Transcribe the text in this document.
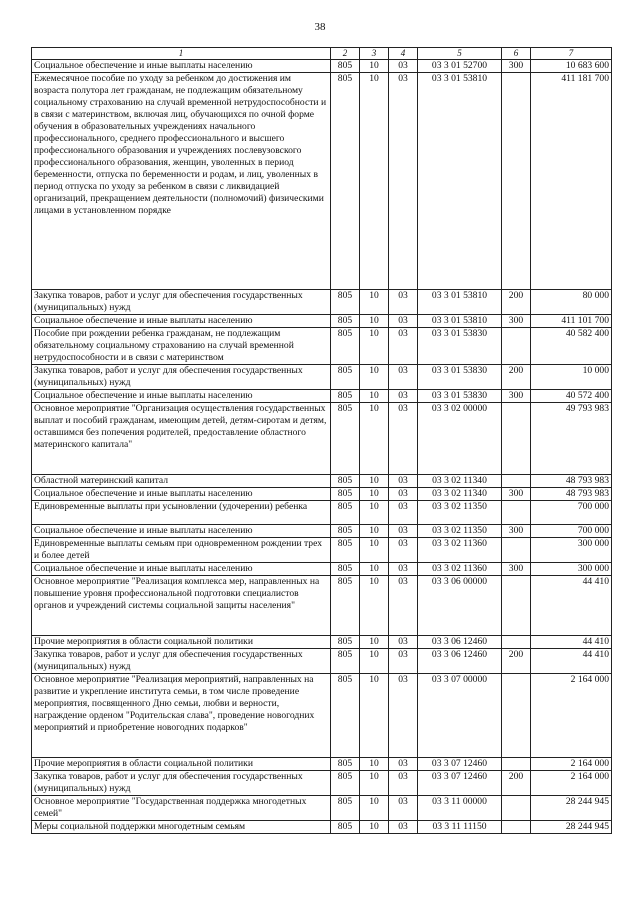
38
1	2	3	4	5	6	7
Социальное обеспечение и иные выплаты населению	805	10	03	03 3 01 52700	300	10 683 600
Ежемесячное пособие по уходу за ребенком до достижения им возраста полутора лет гражданам, не подлежащим обязательному социальному страхованию на случай временной нетрудоспособности и в связи с материнством, включая лиц, обучающихся по очной форме обучения в образовательных учреждениях начального профессионального, среднего профессионального и высшего профессионального образования и учреждениях послевузовского профессионального образования, женщин, уволенных в период беременности, отпуска по беременности и родам, и лиц, уволенных в период отпуска по уходу за ребенком в связи с ликвидацией организаций, прекращением деятельности (полномочий) физическими лицами в установленном порядке	805	10	03	03 3 01 53810		411 181 700
Закупка товаров, работ и услуг для обеспечения государственных (муниципальных) нужд	805	10	03	03 3 01 53810	200	80 000
Социальное обеспечение и иные выплаты населению	805	10	03	03 3 01 53810	300	411 101 700
Пособие при рождении ребенка гражданам, не подлежащим обязательному социальному страхованию на случай временной нетрудоспособности и в связи с материнством	805	10	03	03 3 01 53830		40 582 400
Закупка товаров, работ и услуг для обеспечения государственных (муниципальных) нужд	805	10	03	03 3 01 53830	200	10 000
Социальное обеспечение и иные выплаты населению	805	10	03	03 3 01 53830	300	40 572 400
Основное мероприятие "Организация осуществления государственных выплат и пособий гражданам, имеющим детей, детям-сиротам и детям, оставшимся без попечения родителей, предоставление областного материнского капитала"	805	10	03	03 3 02 00000		49 793 983
Областной материнский капитал	805	10	03	03 3 02 11340		48 793 983
Социальное обеспечение и иные выплаты населению	805	10	03	03 3 02 11340	300	48 793 983
Единовременные выплаты при усыновлении (удочерении) ребенка	805	10	03	03 3 02 11350		700 000
Социальное обеспечение и иные выплаты населению	805	10	03	03 3 02 11350	300	700 000
Единовременные выплаты семьям при одновременном рождении трех и более детей	805	10	03	03 3 02 11360		300 000
Социальное обеспечение и иные выплаты населению	805	10	03	03 3 02 11360	300	300 000
Основное мероприятие "Реализация комплекса мер, направленных на повышение уровня профессиональной подготовки специалистов органов и учреждений системы социальной защиты населения"	805	10	03	03 3 06 00000		44 410
Прочие мероприятия в области социальной политики	805	10	03	03 3 06 12460		44 410
Закупка товаров, работ и услуг для обеспечения государственных (муниципальных) нужд	805	10	03	03 3 06 12460	200	44 410
Основное мероприятие "Реализация мероприятий, направленных на развитие и укрепление института семьи, в том числе проведение мероприятия, посвященного Дню семьи, любви и верности, награждение орденом "Родительская слава", проведение новогодних мероприятий и приобретение новогодних подарков"	805	10	03	03 3 07 00000		2 164 000
Прочие мероприятия в области социальной политики	805	10	03	03 3 07 12460		2 164 000
Закупка товаров, работ и услуг для обеспечения государственных (муниципальных) нужд	805	10	03	03 3 07 12460	200	2 164 000
Основное мероприятие "Государственная поддержка многодетных семей"	805	10	03	03 3 11 00000		28 244 945
Меры социальной поддержки многодетным семьям	805	10	03	03 3 11 11150		28 244 945
